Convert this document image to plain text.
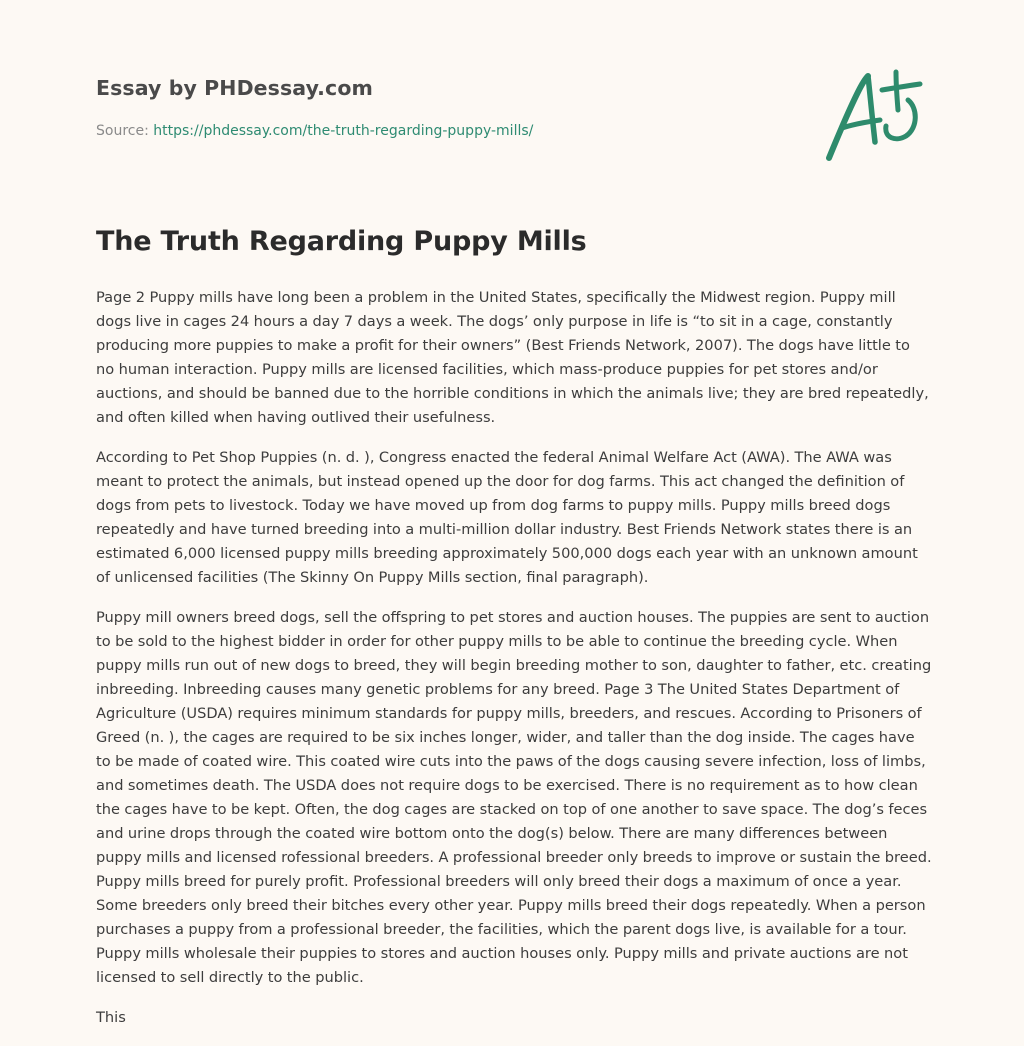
Essay by PHDessay.com
Source: https://phdessay.com/the-truth-regarding-puppy-mills/
The Truth Regarding Puppy Mills

Page 2 Puppy mills have long been a problem in the United States, specifically the Midwest region. Puppy mill dogs live in cages 24 hours a day 7 days a week. The dogs’ only purpose in life is “to sit in a cage, constantly producing more puppies to make a profit for their owners” (Best Friends Network, 2007). The dogs have little to no human interaction. Puppy mills are licensed facilities, which mass-produce puppies for pet stores and/or auctions, and should be banned due to the horrible conditions in which the animals live; they are bred repeatedly, and often killed when having outlived their usefulness.

According to Pet Shop Puppies (n. d. ), Congress enacted the federal Animal Welfare Act (AWA). The AWA was meant to protect the animals, but instead opened up the door for dog farms. This act changed the definition of dogs from pets to livestock. Today we have moved up from dog farms to puppy mills. Puppy mills breed dogs repeatedly and have turned breeding into a multi-million dollar industry. Best Friends Network states there is an estimated 6,000 licensed puppy mills breeding approximately 500,000 dogs each year with an unknown amount of unlicensed facilities (The Skinny On Puppy Mills section, final paragraph).

Puppy mill owners breed dogs, sell the offspring to pet stores and auction houses. The puppies are sent to auction to be sold to the highest bidder in order for other puppy mills to be able to continue the breeding cycle. When puppy mills run out of new dogs to breed, they will begin breeding mother to son, daughter to father, etc. creating inbreeding. Inbreeding causes many genetic problems for any breed. Page 3 The United States Department of Agriculture (USDA) requires minimum standards for puppy mills, breeders, and rescues. According to Prisoners of Greed (n. ), the cages are required to be six inches longer, wider, and taller than the dog inside. The cages have to be made of coated wire. This coated wire cuts into the paws of the dogs causing severe infection, loss of limbs, and sometimes death. The USDA does not require dogs to be exercised. There is no requirement as to how clean the cages have to be kept. Often, the dog cages are stacked on top of one another to save space. The dog’s feces and urine drops through the coated wire bottom onto the dog(s) below. There are many differences between puppy mills and licensed rofessional breeders. A professional breeder only breeds to improve or sustain the breed. Puppy mills breed for purely profit. Professional breeders will only breed their dogs a maximum of once a year. Some breeders only breed their bitches every other year. Puppy mills breed their dogs repeatedly. When a person purchases a puppy from a professional breeder, the facilities, which the parent dogs live, is available for a tour. Puppy mills wholesale their puppies to stores and auction houses only. Puppy mills and private auctions are not licensed to sell directly to the public.

This
